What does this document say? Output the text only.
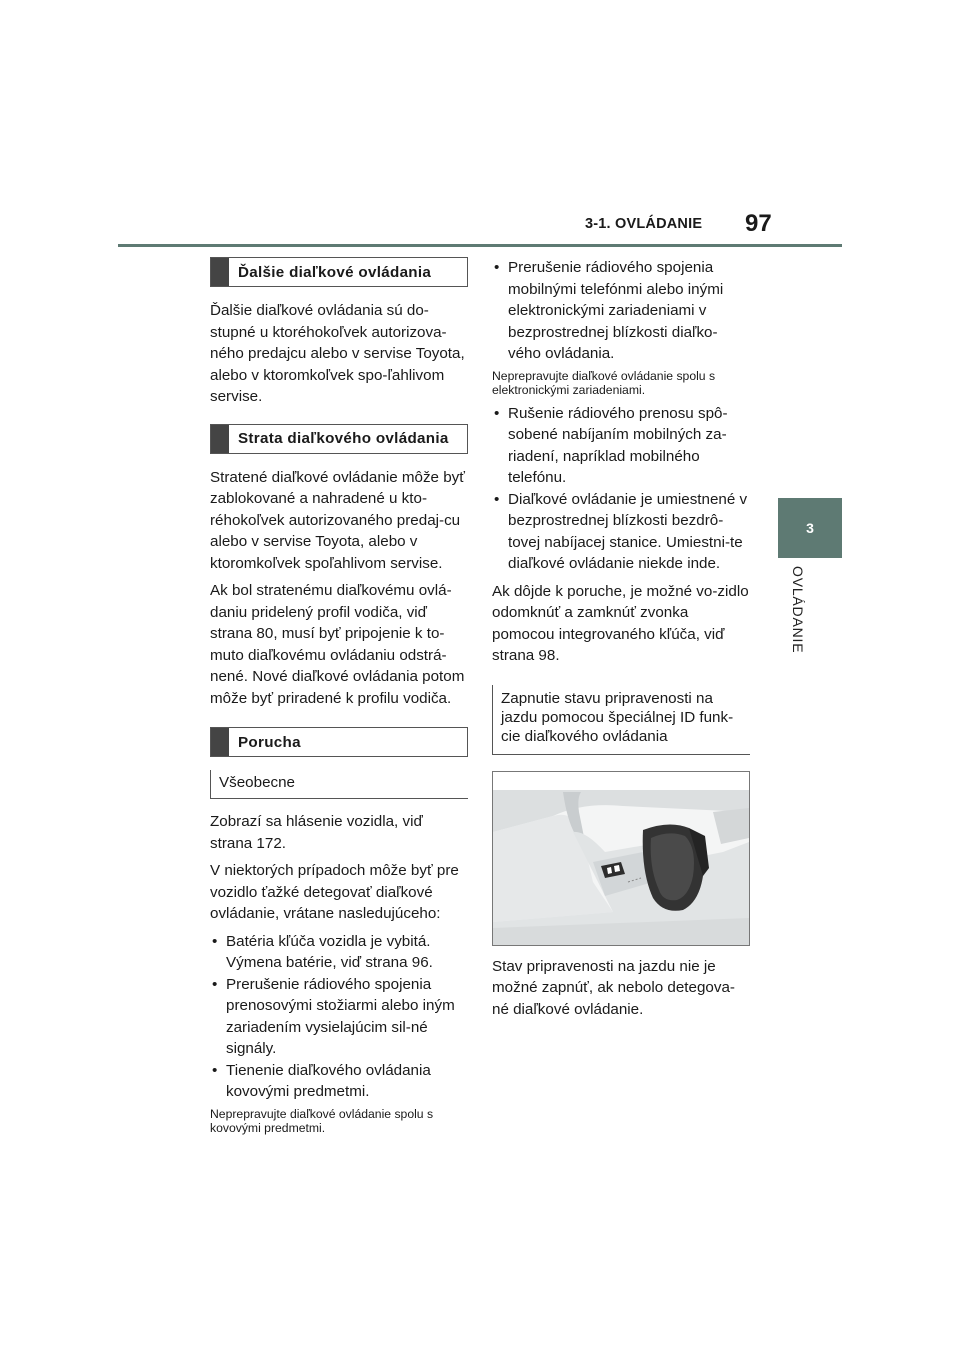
3-1. OVLÁDANIE 97
3
OVLÁDANIE
Ďalšie diaľkové ovládania

Ďalšie diaľkové ovládania sú do-stupné u ktoréhokoľvek autorizova-ného predajcu alebo v servise Toyota, alebo v ktoromkoľvek spo-ľahlivom servise.

Strata diaľkového ovládania

Stratené diaľkové ovládanie môže byť zablokované a nahradené u kto-réhokoľvek autorizovaného predaj-cu alebo v servise Toyota, alebo v ktoromkoľvek spoľahlivom servise.

Ak bol stratenému diaľkovému ovlá-daniu pridelený profil vodiča, viď strana 80, musí byť pripojenie k to-muto diaľkovému ovládaniu odstrá-nené. Nové diaľkové ovládania potom môže byť priradené k profilu vodiča.

Porucha
Všeobecne

Zobrazí sa hlásenie vozidla, viď strana 172.

V niektorých prípadoch môže byť pre vozidlo ťažké detegovať diaľkové ovládanie, vrátane nasledujúceho:

• Batéria kľúča vozidla je vybitá. Výmena batérie, viď strana 96.
• Prerušenie rádiového spojenia prenosovými stožiarmi alebo iným zariadením vysielajúcim sil-né signály.
• Tienenie diaľkového ovládania kovovými predmetmi.

Neprepravujte diaľkové ovládanie spolu s kovovými predmetmi.

• Prerušenie rádiového spojenia mobilnými telefónmi alebo inými elektronickými zariadeniami v bezprostrednej blízkosti diaľko-vého ovládania.

Neprepravujte diaľkové ovládanie spolu s elektronickými zariadeniami.

• Rušenie rádiového prenosu spô-sobené nabíjaním mobilných za-riadení, napríklad mobilného telefónu.
• Diaľkové ovládanie je umiestnené v bezprostrednej blízkosti bezdrô-tovej nabíjacej stanice. Umiestni-te diaľkové ovládanie niekde inde.

Ak dôjde k poruche, je možné vo-zidlo odomknúť a zamknúť zvonka pomocou integrovaného kľúča, viď strana 98.

Zapnutie stavu pripravenosti na jazdu pomocou špeciálnej ID funk-cie diaľkového ovládania

Stav pripravenosti na jazdu nie je možné zapnúť, ak nebolo detegova-né diaľkové ovládanie.
